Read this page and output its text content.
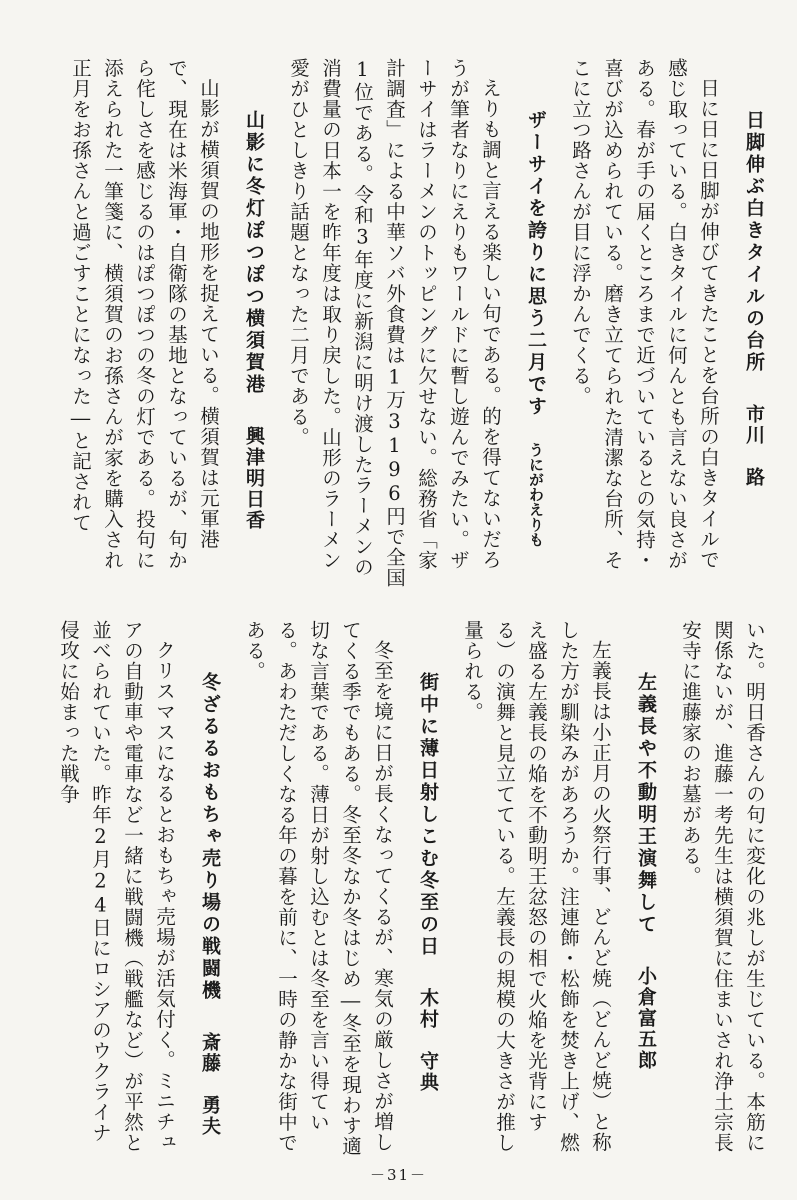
日脚伸ぶ白きタイルの台所市川　路
日に日に日脚が伸びてきたことを台所の白きタイルで感じ取っている。白きタイルに何んとも言えない良さがある。春が手の届くところまで近づいているとの気持・喜びが込められている。磨き立てられた清潔な台所、そこに立つ路さんが目に浮かんでくる。
ザーサイを誇りに思う二月ですうにがわえりも
えりも調と言える楽しい句である。的を得てないだろうが筆者なりにえりもワールドに暫し遊んでみたい。ザーサイはラーメンのトッピングに欠せない。総務省「家計調査」による中華ソバ外食費は1万3196円で全国1位である。令和3年度に新潟に明け渡したラーメンの消費量の日本一を昨年度は取り戻した。山形のラーメン愛がひとしきり話題となった二月である。
山影に冬灯ぽつぽつ横須賀港興津明日香
山影が横須賀の地形を捉えている。横須賀は元軍港で、現在は米海軍・自衛隊の基地となっているが、句から侘しさを感じるのはぽつぽつの冬の灯である。投句に添えられた一筆箋に、横須賀のお孫さんが家を購入され正月をお孫さんと過ごすことになった―と記されて
いた。明日香さんの句に変化の兆しが生じている。本筋に関係ないが、進藤一考先生は横須賀に住まいされ浄土宗長安寺に進藤家のお墓がある。
左義長や不動明王演舞して小倉富五郎
左義長は小正月の火祭行事、どんど焼（どんど焼）と称した方が馴染みがあろうか。注連飾・松飾を焚き上げ、燃え盛る左義長の焔を不動明王忿怒の相で火焔を光背にする）の演舞と見立てている。左義長の規模の大きさが推し量られる。
街中に薄日射しこむ冬至の日木村　守典
冬至を境に日が長くなってくるが、寒気の厳しさが増してくる季でもある。冬至冬なか冬はじめ―冬至を現わす適切な言葉である。薄日が射し込むとは冬至を言い得ている。あわただしくなる年の暮を前に、一時の静かな街中である。
冬ざるるおもちゃ売り場の戦闘機斎藤　勇夫
クリスマスになるとおもちゃ売場が活気付く。ミニチュアの自動車や電車など一緒に戦闘機（戦艦など）が平然と並べられていた。昨年2月24日にロシアのウクライナ侵攻に始まった戦争
－31－
